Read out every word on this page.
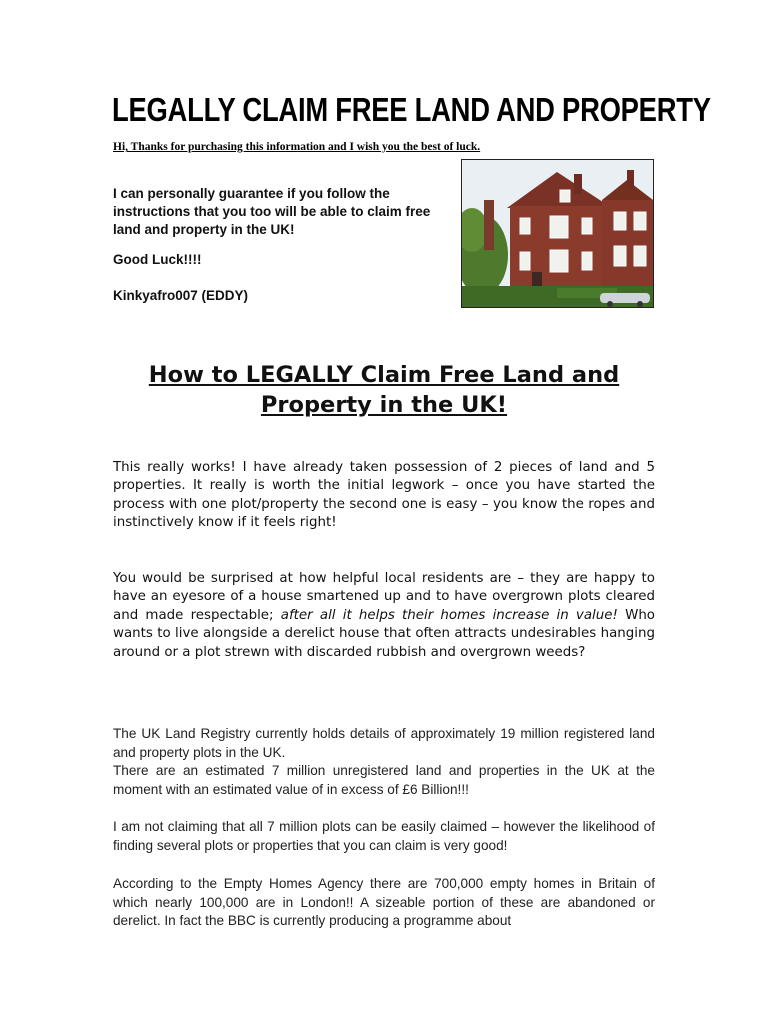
LEGALLY CLAIM FREE LAND AND PROPERTY
Hi, Thanks for purchasing this information and I wish you the best of luck.
I can personally guarantee if you follow the instructions that you too will be able to claim free land and property in the UK!
Good Luck!!!!
Kinkyafro007 (EDDY)
How to LEGALLY Claim Free Land and Property in the UK!

This really works! I have already taken possession of 2 pieces of land and 5 properties. It really is worth the initial legwork – once you have started the process with one plot/property the second one is easy – you know the ropes and instinctively know if it feels right!

You would be surprised at how helpful local residents are – they are happy to have an eyesore of a house smartened up and to have overgrown plots cleared and made respectable; after all it helps their homes increase in value! Who wants to live alongside a derelict house that often attracts undesirables hanging around or a plot strewn with discarded rubbish and overgrown weeds?

The UK Land Registry currently holds details of approximately 19 million registered land and property plots in the UK.
There are an estimated 7 million unregistered land and properties in the UK at the moment with an estimated value of in excess of £6 Billion!!!

I am not claiming that all 7 million plots can be easily claimed – however the likelihood of finding several plots or properties that you can claim is very good!

According to the Empty Homes Agency there are 700,000 empty homes in Britain of which nearly 100,000 are in London!! A sizeable portion of these are abandoned or derelict. In fact the BBC is currently producing a programme about
